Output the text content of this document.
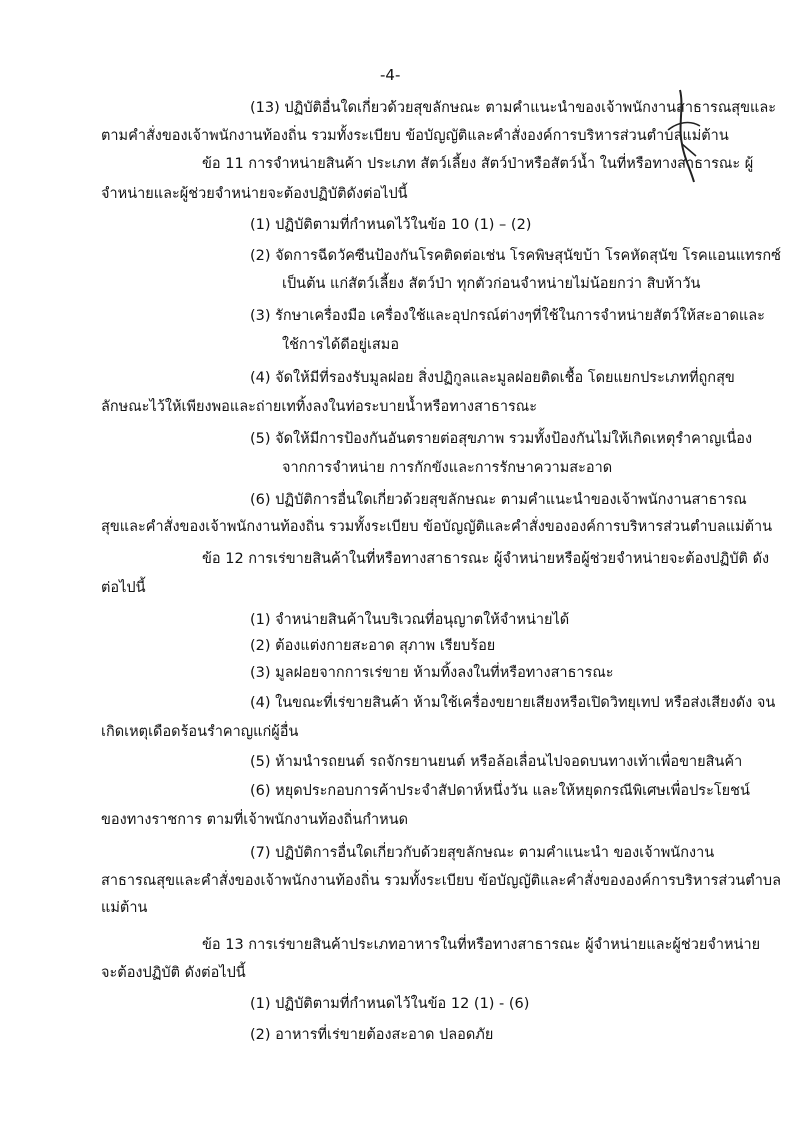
-4-
(13) ปฏิบัติอื่นใดเกี่ยวด้วยสุขลักษณะ ตามคำแนะนำของเจ้าพนักงานสาธารณสุขและ
ตามคำสั่งของเจ้าพนักงานท้องถิ่น รวมทั้งระเบียบ ข้อบัญญัติและคำสั่งองค์การบริหารส่วนตำบลแม่ต้าน
ข้อ 11 การจำหน่ายสินค้า ประเภท สัตว์เลี้ยง สัตว์ป่าหรือสัตว์น้ำ ในที่หรือทางสาธารณะ ผู้
จำหน่ายและผู้ช่วยจำหน่ายจะต้องปฏิบัติดังต่อไปนี้
(1) ปฏิบัติตามที่กำหนดไว้ในข้อ 10 (1) – (2)
(2) จัดการฉีดวัคซีนป้องกันโรคติดต่อเช่น โรคพิษสุนัขบ้า โรคหัดสุนัข โรคแอนแทรกซ์
เป็นต้น แก่สัตว์เลี้ยง สัตว์ป่า ทุกตัวก่อนจำหน่ายไม่น้อยกว่า สิบห้าวัน
(3) รักษาเครื่องมือ เครื่องใช้และอุปกรณ์ต่างๆที่ใช้ในการจำหน่ายสัตว์ให้สะอาดและ
ใช้การได้ดีอยู่เสมอ
(4) จัดให้มีที่รองรับมูลฝอย สิ่งปฏิกูลและมูลฝอยติดเชื้อ โดยแยกประเภทที่ถูกสุข
ลักษณะไว้ให้เพียงพอและถ่ายเททิ้งลงในท่อระบายน้ำหรือทางสาธารณะ
(5) จัดให้มีการป้องกันอันตรายต่อสุขภาพ รวมทั้งป้องกันไม่ให้เกิดเหตุรำคาญเนื่อง
จากการจำหน่าย การกักขังและการรักษาความสะอาด
(6) ปฏิบัติการอื่นใดเกี่ยวด้วยสุขลักษณะ ตามคำแนะนำของเจ้าพนักงานสาธารณ
สุขและคำสั่งของเจ้าพนักงานท้องถิ่น รวมทั้งระเบียบ ข้อบัญญัติและคำสั่งขององค์การบริหารส่วนตำบลแม่ต้าน
ข้อ 12 การเร่ขายสินค้าในที่หรือทางสาธารณะ ผู้จำหน่ายหรือผู้ช่วยจำหน่ายจะต้องปฏิบัติ ดัง
ต่อไปนี้
(1) จำหน่ายสินค้าในบริเวณที่อนุญาตให้จำหน่ายได้
(2) ต้องแต่งกายสะอาด สุภาพ เรียบร้อย
(3) มูลฝอยจากการเร่ขาย ห้ามทิ้งลงในที่หรือทางสาธารณะ
(4) ในขณะที่เร่ขายสินค้า ห้ามใช้เครื่องขยายเสียงหรือเปิดวิทยุเทป หรือส่งเสียงดัง จน
เกิดเหตุเดือดร้อนรำคาญแก่ผู้อื่น
(5) ห้ามนำรถยนต์ รถจักรยานยนต์ หรือล้อเลื่อนไปจอดบนทางเท้าเพื่อขายสินค้า
(6) หยุดประกอบการค้าประจำสัปดาห์หนึ่งวัน และให้หยุดกรณีพิเศษเพื่อประโยชน์
ของทางราชการ ตามที่เจ้าพนักงานท้องถิ่นกำหนด
(7) ปฏิบัติการอื่นใดเกี่ยวกับด้วยสุขลักษณะ ตามคำแนะนำ ของเจ้าพนักงาน
สาธารณสุขและคำสั่งของเจ้าพนักงานท้องถิ่น รวมทั้งระเบียบ ข้อบัญญัติและคำสั่งขององค์การบริหารส่วนตำบล
แม่ต้าน
ข้อ 13 การเร่ขายสินค้าประเภทอาหารในที่หรือทางสาธารณะ ผู้จำหน่ายและผู้ช่วยจำหน่าย
จะต้องปฏิบัติ ดังต่อไปนี้
(1) ปฏิบัติตามที่กำหนดไว้ในข้อ 12 (1) - (6)
(2) อาหารที่เร่ขายต้องสะอาด ปลอดภัย
